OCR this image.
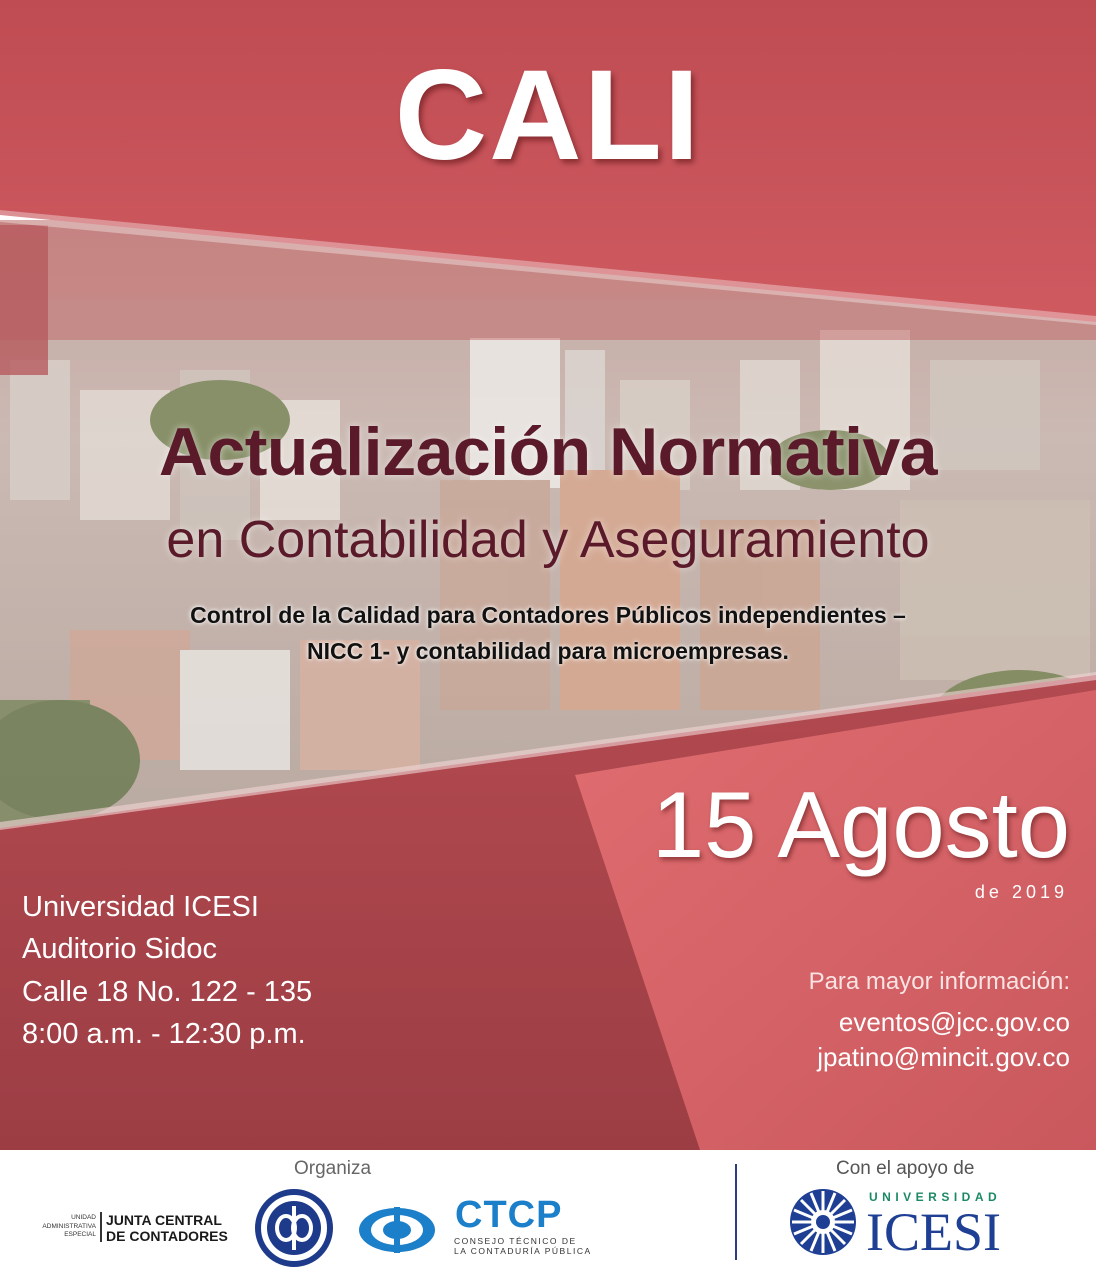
CALI
Actualización Normativa
en Contabilidad y Aseguramiento
Control de la Calidad para Contadores Públicos independientes –
NICC 1- y contabilidad para microempresas.
15 Agosto
de 2019
Universidad ICESI
Auditorio Sidoc
Calle 18 No. 122 - 135
8:00 a.m. - 12:30 p.m.
Para mayor información:
eventos@jcc.gov.co
jpatino@mincit.gov.co
Organiza
UNIDAD
ADMINISTRATIVA
ESPECIAL
JUNTA CENTRAL
DE CONTADORES	CTCP
CONSEJO TÉCNICO DE
LA CONTADURÍA PÚBLICA
Con el apoyo de
UNIVERSIDAD
ICESI
